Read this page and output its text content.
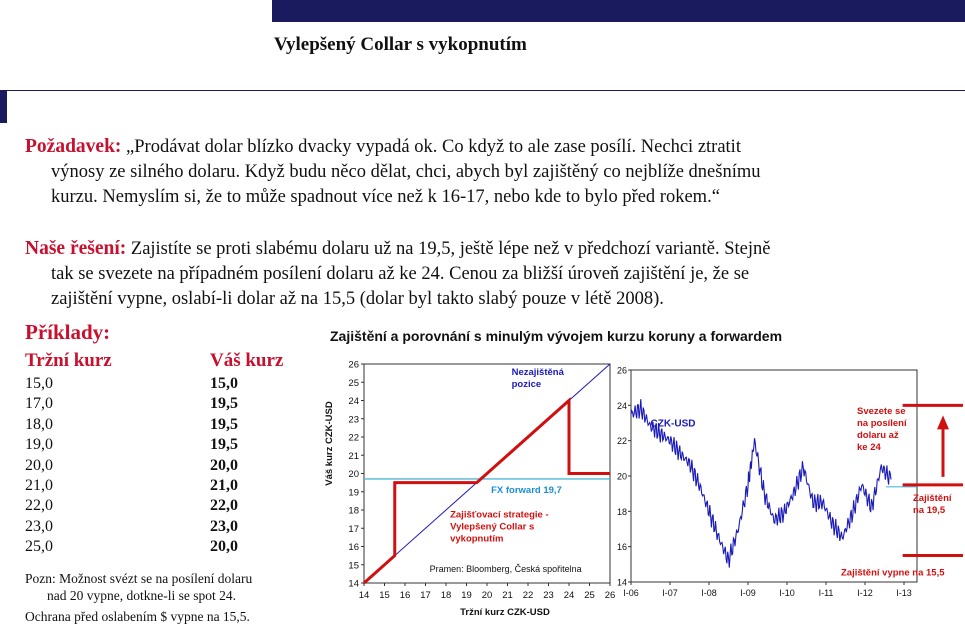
Vylepšený Collar s vykopnutím
Požadavek: „Prodávat dolar blízko dvacky vypadá ok. Co když to ale zase posílí. Nechci ztratit
výnosy ze silného dolaru. Když budu něco dělat, chci, abych byl zajištěný co nejblíže dnešnímu
kurzu. Nemyslím si, že to může spadnout více než k 16-17, nebo kde to bylo před rokem.“
Naše řešení: Zajistíte se proti slabému dolaru už na 19,5, ještě lépe než v předchozí variantě. Stejně
tak se svezete na případném posílení dolaru až ke 24. Cenou za bližší úroveň zajištění je, že se
zajištění vypne, oslabí-li dolar až na 15,5 (dolar byl takto slabý pouze v létě 2008).
Příklady:
Tržní kurz	Váš kurz
15,0	15,0
17,0	19,5
18,0	19,5
19,0	19,5
20,0	20,0
21,0	21,0
22,0	22,0
23,0	23,0
25,0	20,0
Pozn: Možnost svézt se na posílení dolaru
nad 20 vypne, dotkne-li se spot 24.
Ochrana před oslabením $ vypne na 15,5.
Zajištění a porovnání s minulým vývojem kurzu koruny a forwardem
14
15
16
17
18
19
20
21
22
23
24
25
26
14 15 16 17 18 19 20 21 22 23 24 25 26
Tržní kurz CZK-USD
Váš kurz CZK-USD
Nezajištěná
pozice
FX forward 19,7
Zajišťovací strategie -
Vylepšený Collar s
vykopnutím
Pramen: Bloomberg, Česká spořitelna
14
16
18
20
22
24
26
I-06	I-07	I-08	I-09	I-10	I-11	I-12	I-13
CZK-USD
Svezete se
na posílení
dolaru až
ke 24
Zajištění
na 19,5
Zajištění vypne na 15,5
